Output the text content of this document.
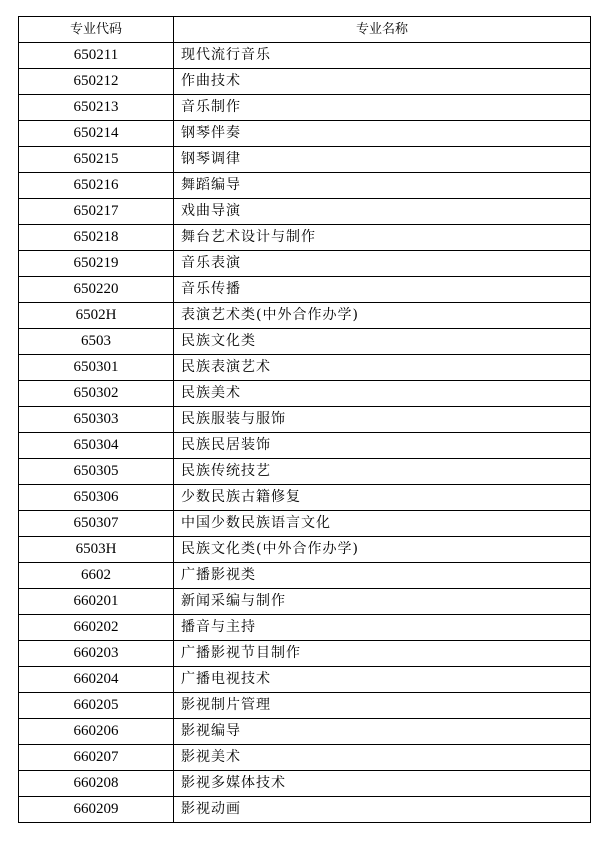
专业代码	专业名称
650211	现代流行音乐
650212	作曲技术
650213	音乐制作
650214	钢琴伴奏
650215	钢琴调律
650216	舞蹈编导
650217	戏曲导演
650218	舞台艺术设计与制作
650219	音乐表演
650220	音乐传播
6502H	表演艺术类(中外合作办学)
6503	民族文化类
650301	民族表演艺术
650302	民族美术
650303	民族服装与服饰
650304	民族民居装饰
650305	民族传统技艺
650306	少数民族古籍修复
650307	中国少数民族语言文化
6503H	民族文化类(中外合作办学)
6602	广播影视类
660201	新闻采编与制作
660202	播音与主持
660203	广播影视节目制作
660204	广播电视技术
660205	影视制片管理
660206	影视编导
660207	影视美术
660208	影视多媒体技术
660209	影视动画
